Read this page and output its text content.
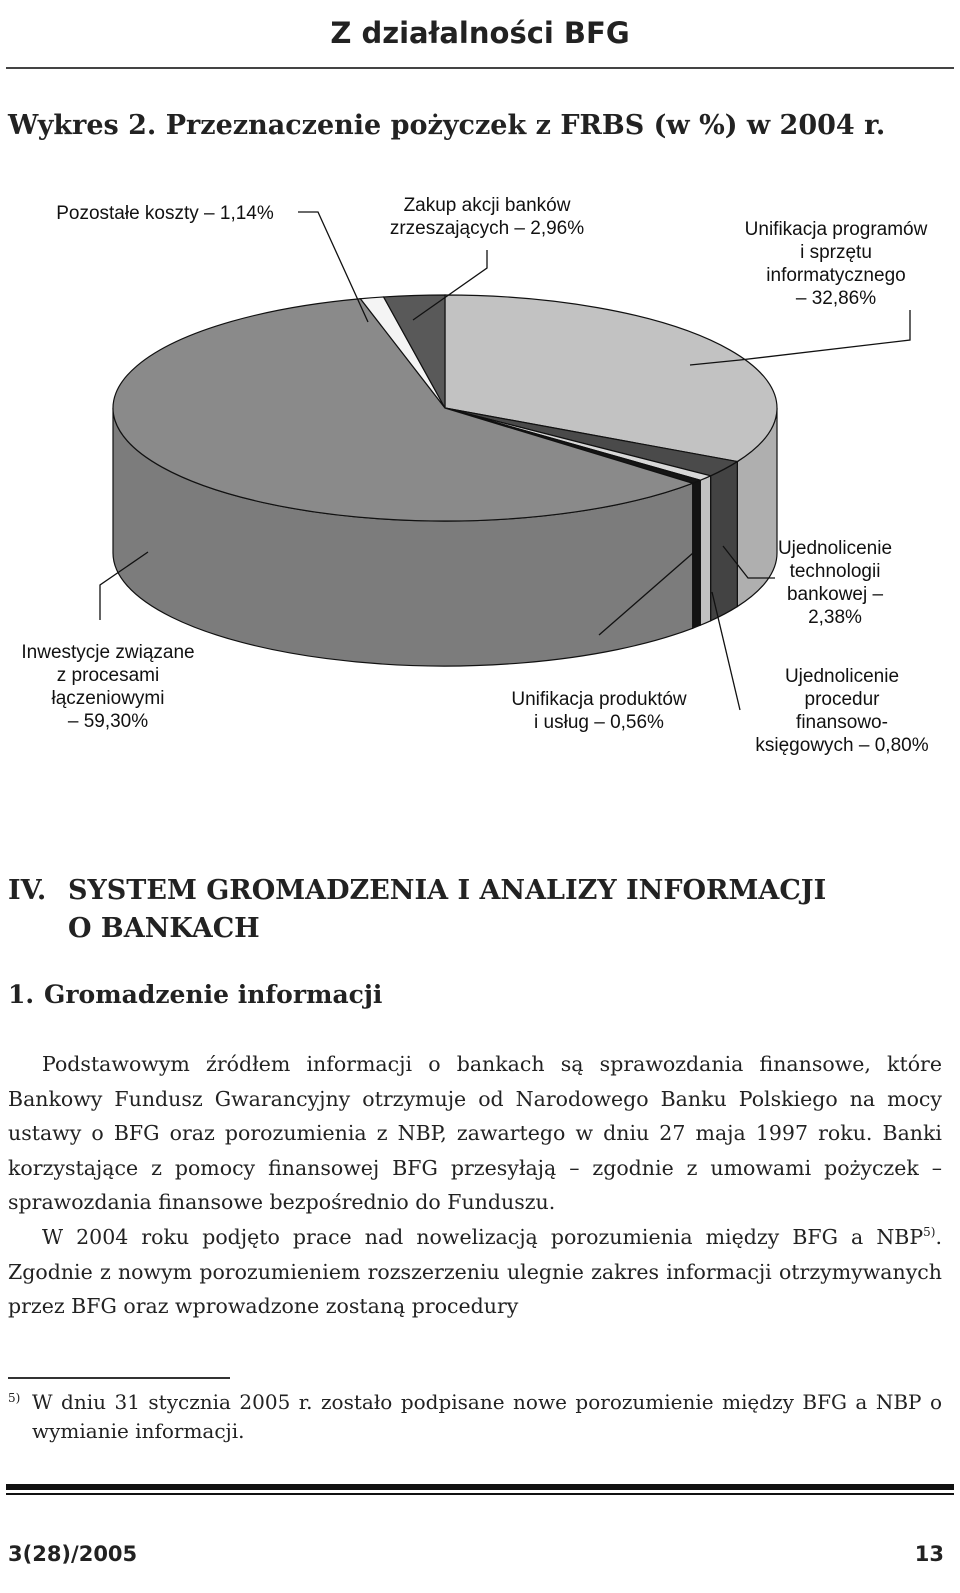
Z działalności BFG
Wykres 2. Przeznaczenie pożyczek z FRBS (w %) w 2004 r.
Unifikacja programów i sprzętu informatycznego – 32,86%
Ujednolicenie technologii bankowej – 2,38%
Ujednolicenie procedur finansowo-księgowych – 0,80%
Unifikacja produktów i usług – 0,56%
Inwestycje związane z procesami łączeniowymi – 59,30%
Pozostałe koszty – 1,14%	Zakup akcji banków zrzeszających – 2,96%
IV. SYSTEM GROMADZENIA I ANALIZY INFORMACJI
O BANKACH
1. Gromadzenie informacji

Podstawowym źródłem informacji o bankach są sprawozdania finansowe, które Bankowy Fundusz Gwarancyjny otrzymuje od Narodowego Banku Polskiego na mocy ustawy o BFG oraz porozumienia z NBP, zawartego w dniu 27 maja 1997 roku. Banki korzystające z pomocy finansowej BFG przesyłają – zgodnie z umowami pożyczek – sprawozdania finansowe bezpośrednio do Funduszu.

W 2004 roku podjęto prace nad nowelizacją porozumienia między BFG a NBP$^{5)}$. Zgodnie z nowym porozumieniem rozszerzeniu ulegnie zakres informacji otrzymywanych przez BFG oraz wprowadzone zostaną procedury

5) W dniu 31 stycznia 2005 r. zostało podpisane nowe porozumienie między BFG a NBP o wymianie informacji.
3(28)/2005	13
